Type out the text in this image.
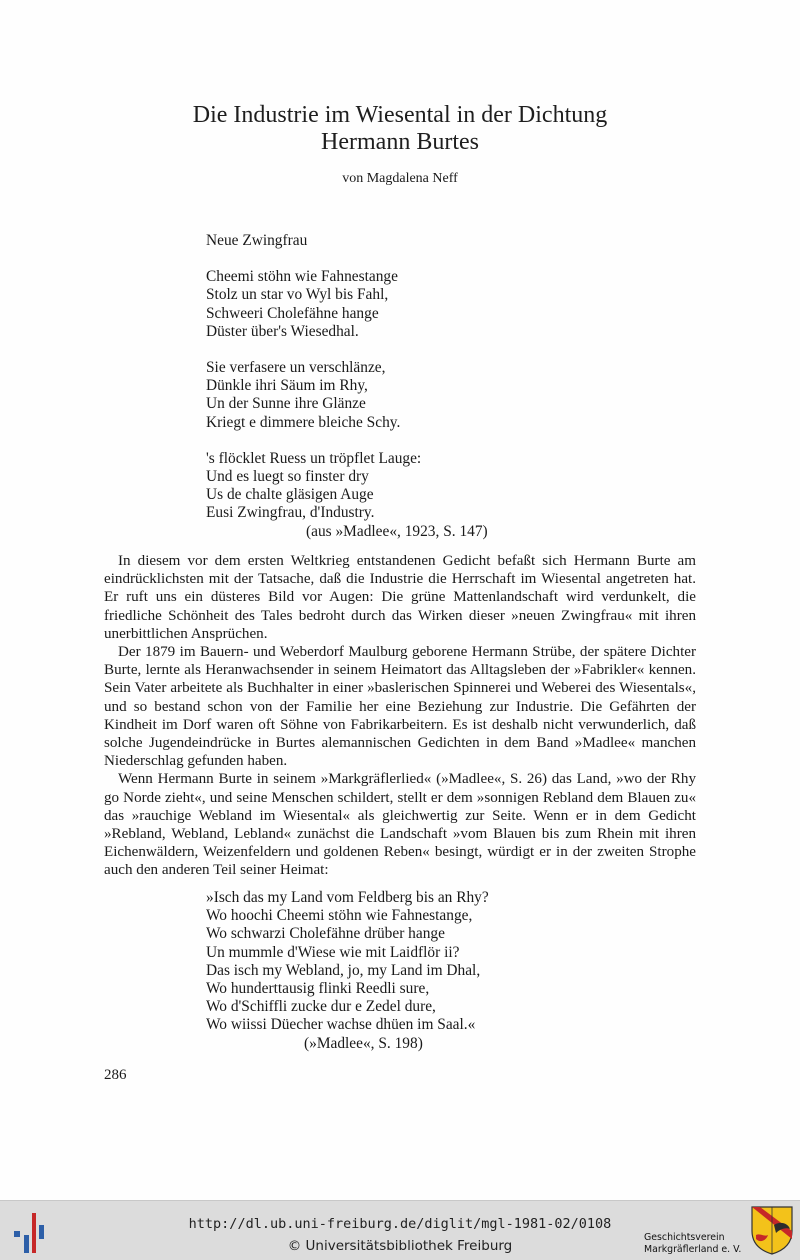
Die Industrie im Wiesental in der Dichtung
Hermann Burtes
von Magdalena Neff
Neue Zwingfrau
Cheemi stöhn wie Fahnestange
Stolz un star vo Wyl bis Fahl,
Schweeri Cholefähne hange
Düster über's Wiesedhal.
Sie verfasere un verschlänze,
Dünkle ihri Säum im Rhy,
Un der Sunne ihre Glänze
Kriegt e dimmere bleiche Schy.
's flöcklet Ruess un tröpflet Lauge:
Und es luegt so finster dry
Us de chalte gläsigen Auge
Eusi Zwingfrau, d'Industry.
(aus »Madlee«, 1923, S. 147)

In diesem vor dem ersten Weltkrieg entstandenen Gedicht befaßt sich Hermann Burte am eindrücklichsten mit der Tatsache, daß die Industrie die Herrschaft im Wiesental angetreten hat. Er ruft uns ein düsteres Bild vor Augen: Die grüne Mattenlandschaft wird verdunkelt, die friedliche Schönheit des Tales bedroht durch das Wirken dieser »neuen Zwingfrau« mit ihren unerbittlichen Ansprüchen.

Der 1879 im Bauern- und Weberdorf Maulburg geborene Hermann Strübe, der spätere Dichter Burte, lernte als Heranwachsender in seinem Heimatort das Alltagsleben der »Fabrikler« kennen. Sein Vater arbeitete als Buchhalter in einer »baslerischen Spinnerei und Weberei des Wiesentals«, und so bestand schon von der Familie her eine Beziehung zur Industrie. Die Gefährten der Kindheit im Dorf waren oft Söhne von Fabrikarbeitern. Es ist deshalb nicht verwunderlich, daß solche Jugendeindrücke in Burtes alemannischen Gedichten in dem Band »Madlee« manchen Niederschlag gefunden haben.

Wenn Hermann Burte in seinem »Markgräflerlied« (»Madlee«, S. 26) das Land, »wo der Rhy go Norde zieht«, und seine Menschen schildert, stellt er dem »sonnigen Rebland dem Blauen zu« das »rauchige Webland im Wiesental« als gleichwertig zur Seite. Wenn er in dem Gedicht »Rebland, Webland, Lebland« zunächst die Landschaft »vom Blauen bis zum Rhein mit ihren Eichenwäldern, Weizenfeldern und goldenen Reben« besingt, würdigt er in der zweiten Strophe auch den anderen Teil seiner Heimat:

»Isch das my Land vom Feldberg bis an Rhy?
Wo hoochi Cheemi stöhn wie Fahnestange,
Wo schwarzi Cholefähne drüber hange
Un mummle d'Wiese wie mit Laidflör ii?
Das isch my Webland, jo, my Land im Dhal,
Wo hunderttausig flinki Reedli sure,
Wo d'Schiffli zucke dur e Zedel dure,
Wo wiissi Düecher wachse dhüen im Saal.«
(»Madlee«, S. 198)
286
http://dl.ub.uni-freiburg.de/diglit/mgl-1981-02/0108
© Universitätsbibliothek Freiburg
Geschichtsverein
Markgräflerland e. V.
